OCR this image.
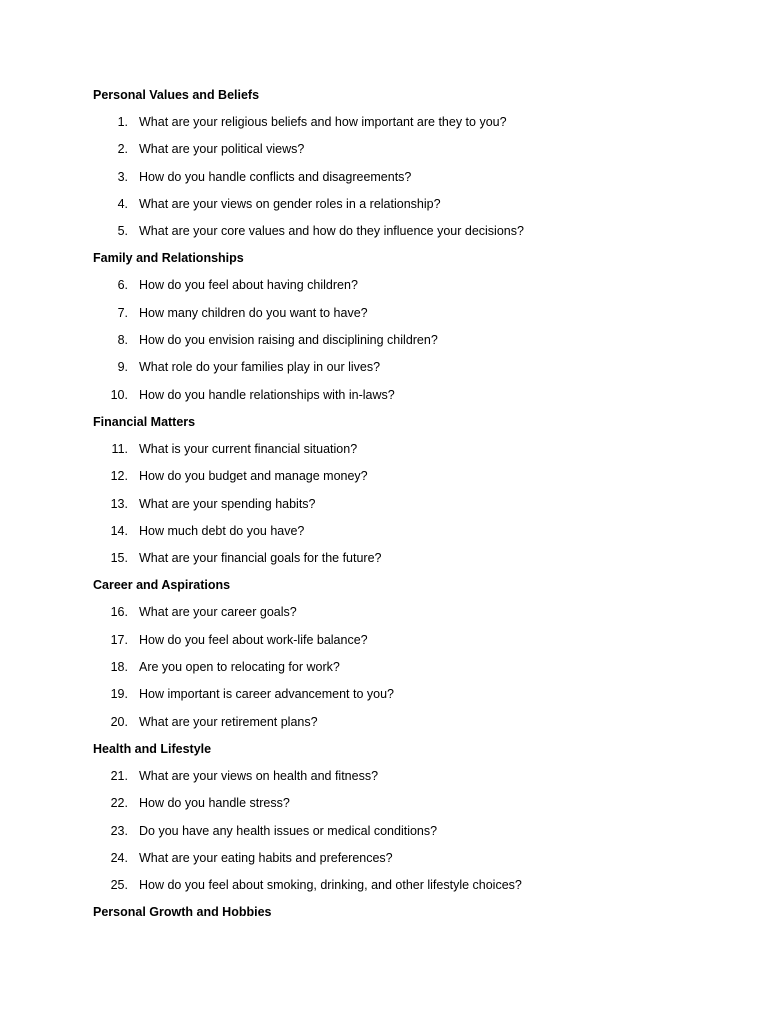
Personal Values and Beliefs
1. What are your religious beliefs and how important are they to you?
2. What are your political views?
3. How do you handle conflicts and disagreements?
4. What are your views on gender roles in a relationship?
5. What are your core values and how do they influence your decisions?
Family and Relationships
6. How do you feel about having children?
7. How many children do you want to have?
8. How do you envision raising and disciplining children?
9. What role do your families play in our lives?
10. How do you handle relationships with in-laws?
Financial Matters
11. What is your current financial situation?
12. How do you budget and manage money?
13. What are your spending habits?
14. How much debt do you have?
15. What are your financial goals for the future?
Career and Aspirations
16. What are your career goals?
17. How do you feel about work-life balance?
18. Are you open to relocating for work?
19. How important is career advancement to you?
20. What are your retirement plans?
Health and Lifestyle
21. What are your views on health and fitness?
22. How do you handle stress?
23. Do you have any health issues or medical conditions?
24. What are your eating habits and preferences?
25. How do you feel about smoking, drinking, and other lifestyle choices?
Personal Growth and Hobbies
